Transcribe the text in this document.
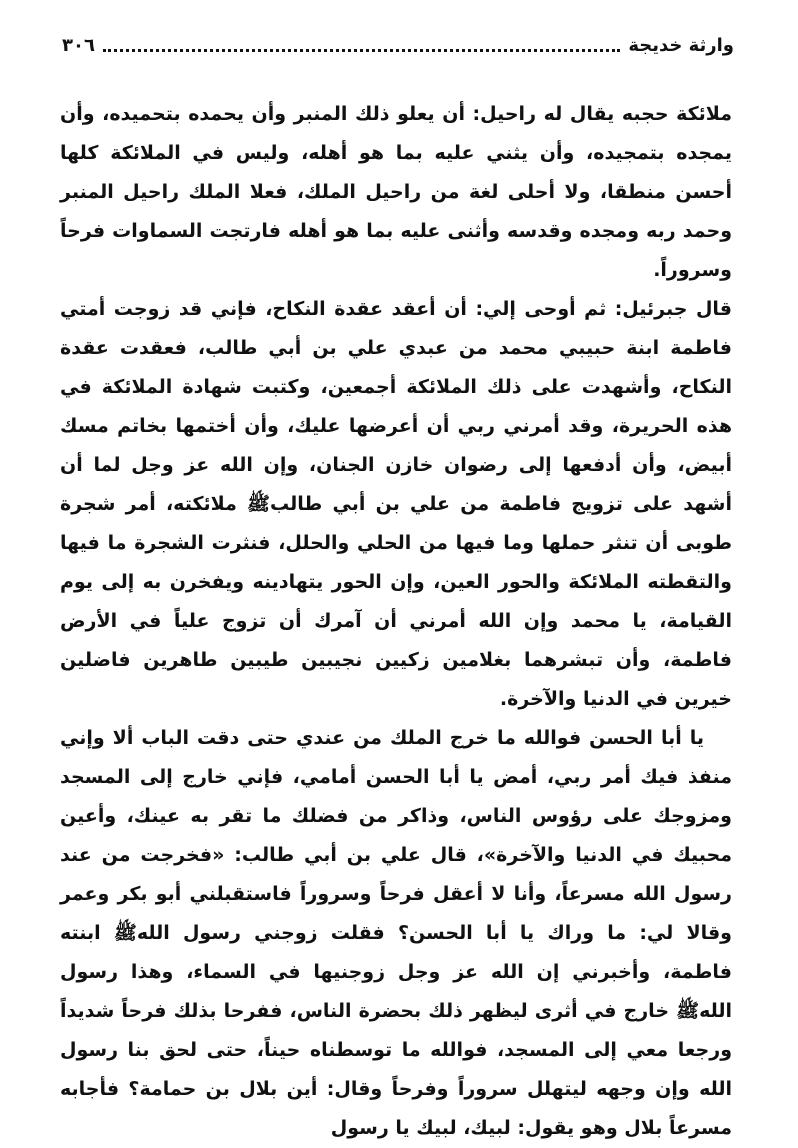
وارثة خديجة
٣٠٦

ملائكة حجبه يقال له راحيل: أن يعلو ذلك المنبر وأن يحمده بتحميده، وأن يمجده بتمجيده، وأن يثني عليه بما هو أهله، وليس في الملائكة كلها أحسن منطقا، ولا أحلى لغة من راحيل الملك، فعلا الملك راحيل المنبر وحمد ربه ومجده وقدسه وأثنى عليه بما هو أهله فارتجت السماوات فرحاً وسروراً.

قال جبرئيل: ثم أوحى إلي: أن أعقد عقدة النكاح، فإني قد زوجت أمتي فاطمة ابنة حبيبي محمد من عبدي علي بن أبي طالب، فعقدت عقدة النكاح، وأشهدت على ذلك الملائكة أجمعين، وكتبت شهادة الملائكة في هذه الحريرة، وقد أمرني ربي أن أعرضها عليك، وأن أختمها بخاتم مسك أبيض، وأن أدفعها إلى رضوان خازن الجنان، وإن الله عز وجل لما أن أشهد على تزويج فاطمة من علي بن أبي طالبﷺ ملائكته، أمر شجرة طوبى أن تنثر حملها وما فيها من الحلي والحلل، فنثرت الشجرة ما فيها والتقطته الملائكة والحور العين، وإن الحور يتهادينه ويفخرن به إلى يوم القيامة، يا محمد وإن الله أمرني أن آمرك أن تزوج علياً في الأرض فاطمة، وأن تبشرهما بغلامين زكيين نجيبين طيبين طاهرين فاضلين خيرين في الدنيا والآخرة.

يا أبا الحسن فوالله ما خرج الملك من عندي حتى دقت الباب ألا وإني منفذ فيك أمر ربي، أمض يا أبا الحسن أمامي، فإني خارج إلى المسجد ومزوجك على رؤوس الناس، وذاكر من فضلك ما تقر به عينك، وأعين محبيك في الدنيا والآخرة»، قال علي بن أبي طالب: «فخرجت من عند رسول الله مسرعاً، وأنا لا أعقل فرحاً وسروراً فاستقبلني أبو بكر وعمر وقالا لي: ما وراك يا أبا الحسن؟ فقلت زوجني رسول اللهﷺ ابنته فاطمة، وأخبرني إن الله عز وجل زوجنيها في السماء، وهذا رسول اللهﷺ خارج في أثرى ليظهر ذلك بحضرة الناس، ففرحا بذلك فرحاً شديداً ورجعا معي إلى المسجد، فوالله ما توسطناه حيناً، حتى لحق بنا رسول الله وإن وجهه ليتهلل سروراً وفرحاً وقال: أين بلال بن حمامة؟ فأجابه مسرعاً بلال وهو يقول: لبيك، لبيك يا رسول
